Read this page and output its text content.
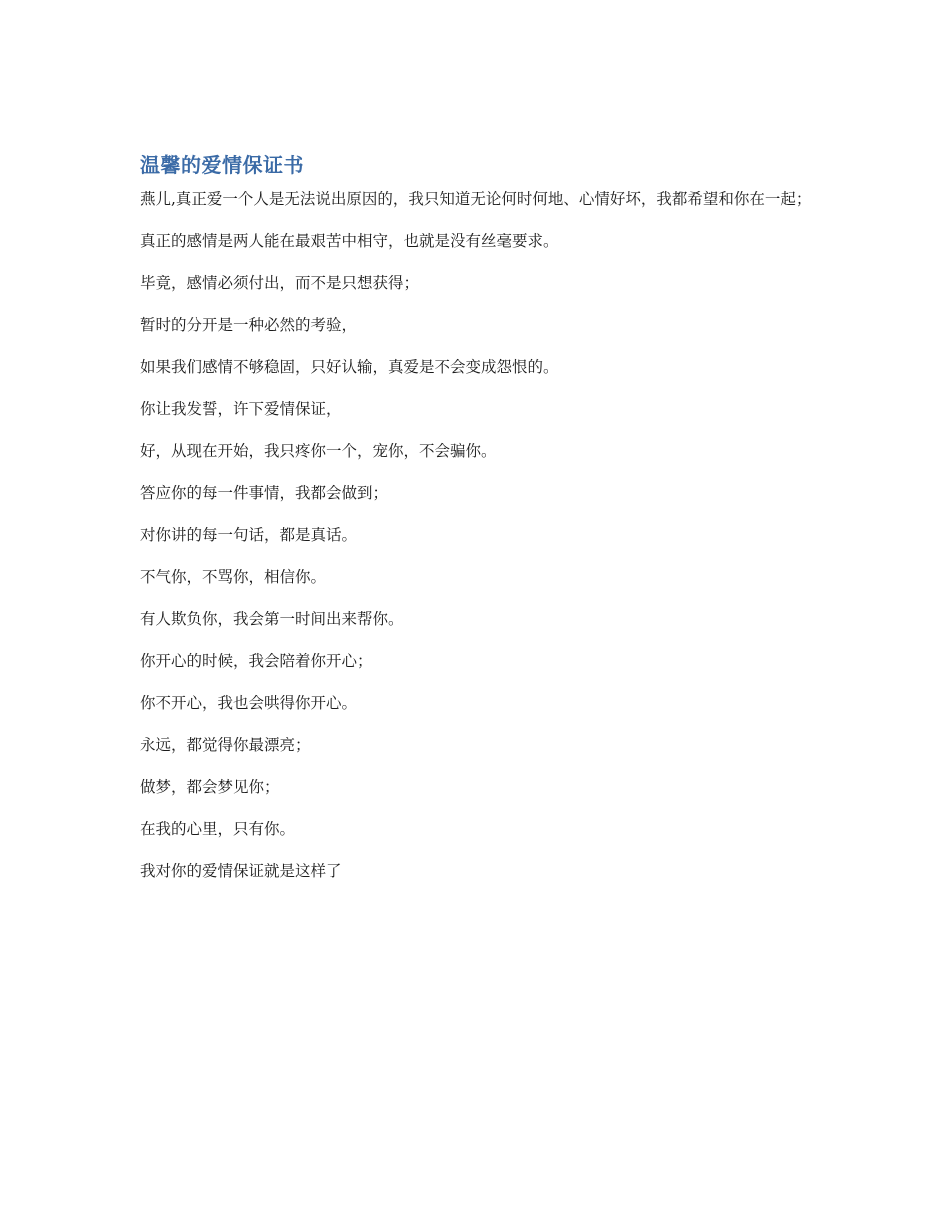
温馨的爱情保证书

燕儿,真正爱一个人是无法说出原因的，我只知道无论何时何地、心情好坏，我都希望和你在一起；

真正的感情是两人能在最艰苦中相守，也就是没有丝毫要求。

毕竟，感情必须付出，而不是只想获得；

暂时的分开是一种必然的考验，

如果我们感情不够稳固，只好认输，真爱是不会变成怨恨的。

你让我发誓，许下爱情保证，

好，从现在开始，我只疼你一个，宠你，不会骗你。

答应你的每一件事情，我都会做到；

对你讲的每一句话，都是真话。

不气你，不骂你，相信你。

有人欺负你，我会第一时间出来帮你。

你开心的时候，我会陪着你开心；

你不开心，我也会哄得你开心。

永远，都觉得你最漂亮；

做梦，都会梦见你；

在我的心里，只有你。

我对你的爱情保证就是这样了
